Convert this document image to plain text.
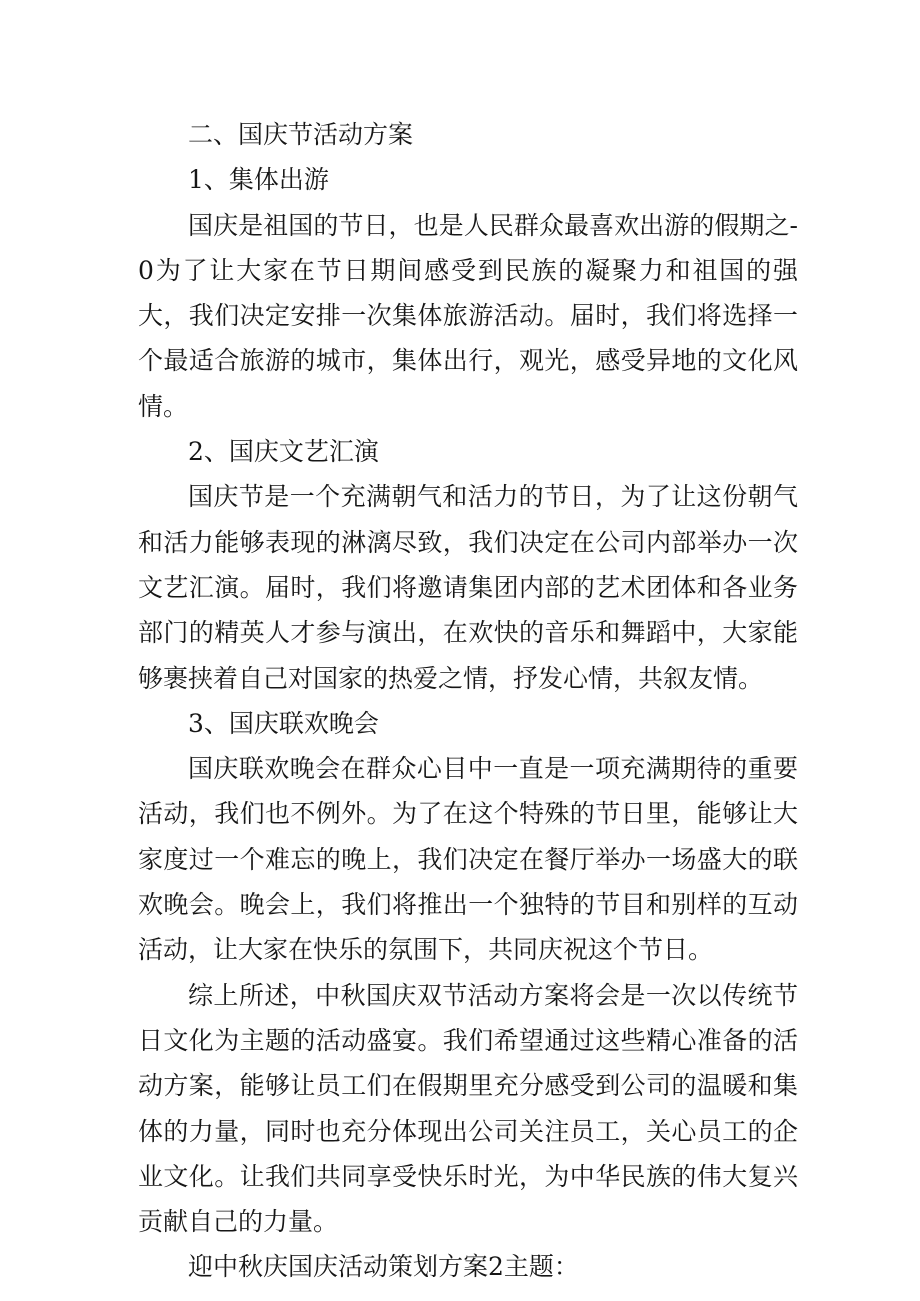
二、国庆节活动方案

1、集体出游

国庆是祖国的节日，也是人民群众最喜欢出游的假期之-0为了让大家在节日期间感受到民族的凝聚力和祖国的强大，我们决定安排一次集体旅游活动。届时，我们将选择一个最适合旅游的城市，集体出行，观光，感受异地的文化风情。

2、国庆文艺汇演

国庆节是一个充满朝气和活力的节日，为了让这份朝气和活力能够表现的淋漓尽致，我们决定在公司内部举办一次文艺汇演。届时，我们将邀请集团内部的艺术团体和各业务部门的精英人才参与演出，在欢快的音乐和舞蹈中，大家能够裹挟着自己对国家的热爱之情，抒发心情，共叙友情。

3、国庆联欢晚会

国庆联欢晚会在群众心目中一直是一项充满期待的重要活动，我们也不例外。为了在这个特殊的节日里，能够让大家度过一个难忘的晚上，我们决定在餐厅举办一场盛大的联欢晚会。晚会上，我们将推出一个独特的节目和别样的互动活动，让大家在快乐的氛围下，共同庆祝这个节日。

综上所述，中秋国庆双节活动方案将会是一次以传统节日文化为主题的活动盛宴。我们希望通过这些精心准备的活动方案，能够让员工们在假期里充分感受到公司的温暖和集体的力量，同时也充分体现出公司关注员工，关心员工的企业文化。让我们共同享受快乐时光，为中华民族的伟大复兴贡献自己的力量。

迎中秋庆国庆活动策划方案2主题：
